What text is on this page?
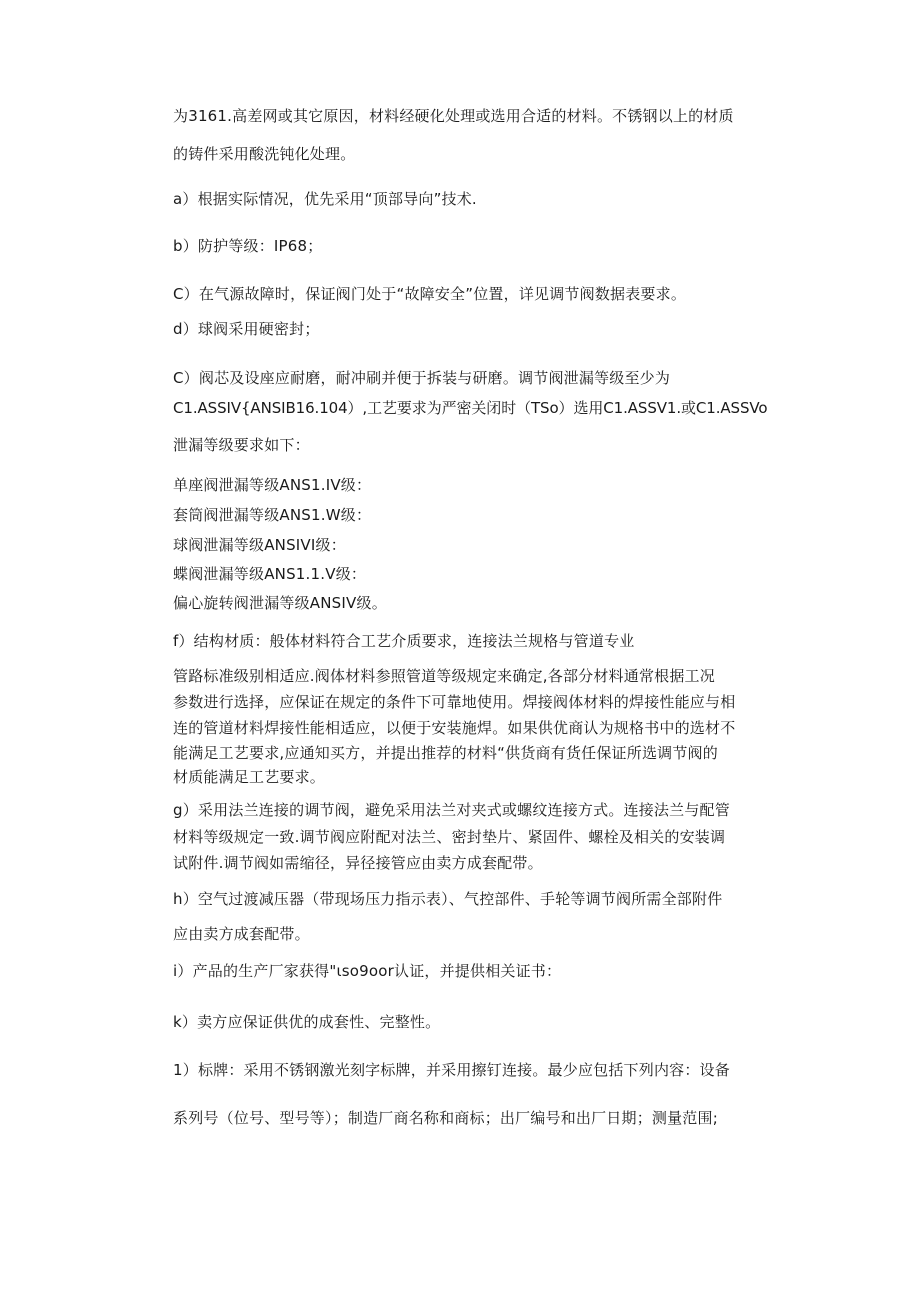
为3161.高差网或其它原因，材料经硬化处理或选用合适的材料。不锈钢以上的材质
的铸件采用酸洗钝化处理。
a）根据实际情况，优先采用“顶部导向”技术.
b）防护等级：IP68；
C）在气源故障时，保证阀门处于“故障安全”位置，详见调节阀数据表要求。
d）球阀采用硬密封；
C）阀芯及设座应耐磨，耐冲刷并便于拆装与研磨。调节阀泄漏等级至少为
C1.ASSIV{ANSIB16.104）,工艺要求为严密关闭时（TSo）选用C1.ASSV1.或C1.ASSVo
泄漏等级要求如下：
单座阀泄漏等级ANS1.IV级：
套筒阀泄漏等级ANS1.W级：
球阀泄漏等级ANSIVI级：
蝶阀泄漏等级ANS1.1.V级：
偏心旋转阀泄漏等级ANSIV级。
f）结构材质：般体材料符合工艺介质要求，连接法兰规格与管道专业
管路标准级别相适应.阀体材料参照管道等级规定来确定,各部分材料通常根据工况
参数进行选择，应保证在规定的条件下可靠地使用。焊接阀体材料的焊接性能应与相
连的管道材料焊接性能相适应，以便于安装施焊。如果供优商认为规格书中的选材不
能满足工艺要求,应通知买方，并提出推荐的材料“供货商有货任保证所选调节阀的
材质能满足工艺要求。
g）采用法兰连接的调节阀，避免采用法兰对夹式或螺纹连接方式。连接法兰与配管
材料等级规定一致.调节阀应附配对法兰、密封垫片、紧固件、螺栓及相关的安装调
试附件.调节阀如需缩径，异径接管应由卖方成套配带。
h）空气过渡减压器（带现场压力指示表）、气控部件、手轮等调节阀所需全部附件
应由卖方成套配带。
i）产品的生产厂家获得"ιso9oor认证，并提供相关证书：
k）卖方应保证供优的成套性、完整性。
1）标牌：采用不锈钢激光刻字标牌，并采用擦钉连接。最少应包括下列内容：设备
系列号（位号、型号等）；制造厂商名称和商标；出厂编号和出厂日期；测量范围;
